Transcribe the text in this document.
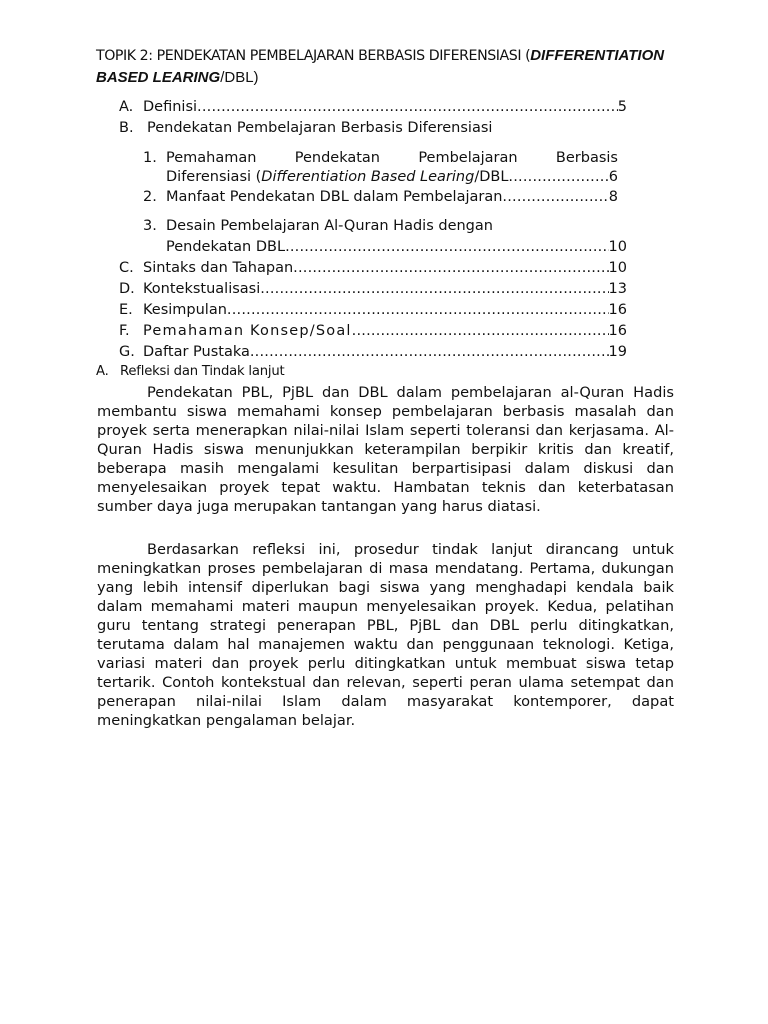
TOPIK 2: PENDEKATAN PEMBELAJARAN BERBASIS DIFERENSIASI (DIFFERENTIATION BASED LEARING/DBL)
A. Definisi .....	5
B. Pendekatan Pembelajaran Berbasis Diferensiasi
1. Pemahaman	Pendekatan	Pembelajaran	Berbasis
Diferensiasi ( Differentiation Based Learing /DBL .....	6
2. Manfaat Pendekatan DBL dalam Pembelajaran .....	8
3. Desain Pembelajaran Al-Quran Hadis dengan
Pendekatan DBL .....	10
C. Sintaks dan Tahapan .....	10
D. Kontekstualisasi .....	13
E. Kesimpulan .....	16
F. Pemahaman Konsep/Soal .....	16
G. Daftar Pustaka .....	19
A. Refleksi dan Tindak lanjut
Pendekatan PBL, PjBL dan DBL dalam pembelajaran al-Quran Hadis membantu siswa memahami konsep pembelajaran berbasis masalah dan proyek serta menerapkan nilai-nilai Islam seperti toleransi dan kerjasama. Al-Quran Hadis siswa menunjukkan keterampilan berpikir kritis dan kreatif, beberapa masih mengalami kesulitan berpartisipasi dalam diskusi dan menyelesaikan proyek tepat waktu. Hambatan teknis dan keterbatasan sumber daya juga merupakan tantangan yang harus diatasi.
Berdasarkan refleksi ini, prosedur tindak lanjut dirancang untuk meningkatkan proses pembelajaran di masa mendatang. Pertama, dukungan yang lebih intensif diperlukan bagi siswa yang menghadapi kendala baik dalam memahami materi maupun menyelesaikan proyek. Kedua, pelatihan guru tentang strategi penerapan PBL, PjBL dan DBL perlu ditingkatkan, terutama dalam hal manajemen waktu dan penggunaan teknologi. Ketiga, variasi materi dan proyek perlu ditingkatkan untuk membuat siswa tetap tertarik. Contoh kontekstual dan relevan, seperti peran ulama setempat dan penerapan nilai-nilai Islam dalam masyarakat kontemporer, dapat meningkatkan pengalaman belajar.
